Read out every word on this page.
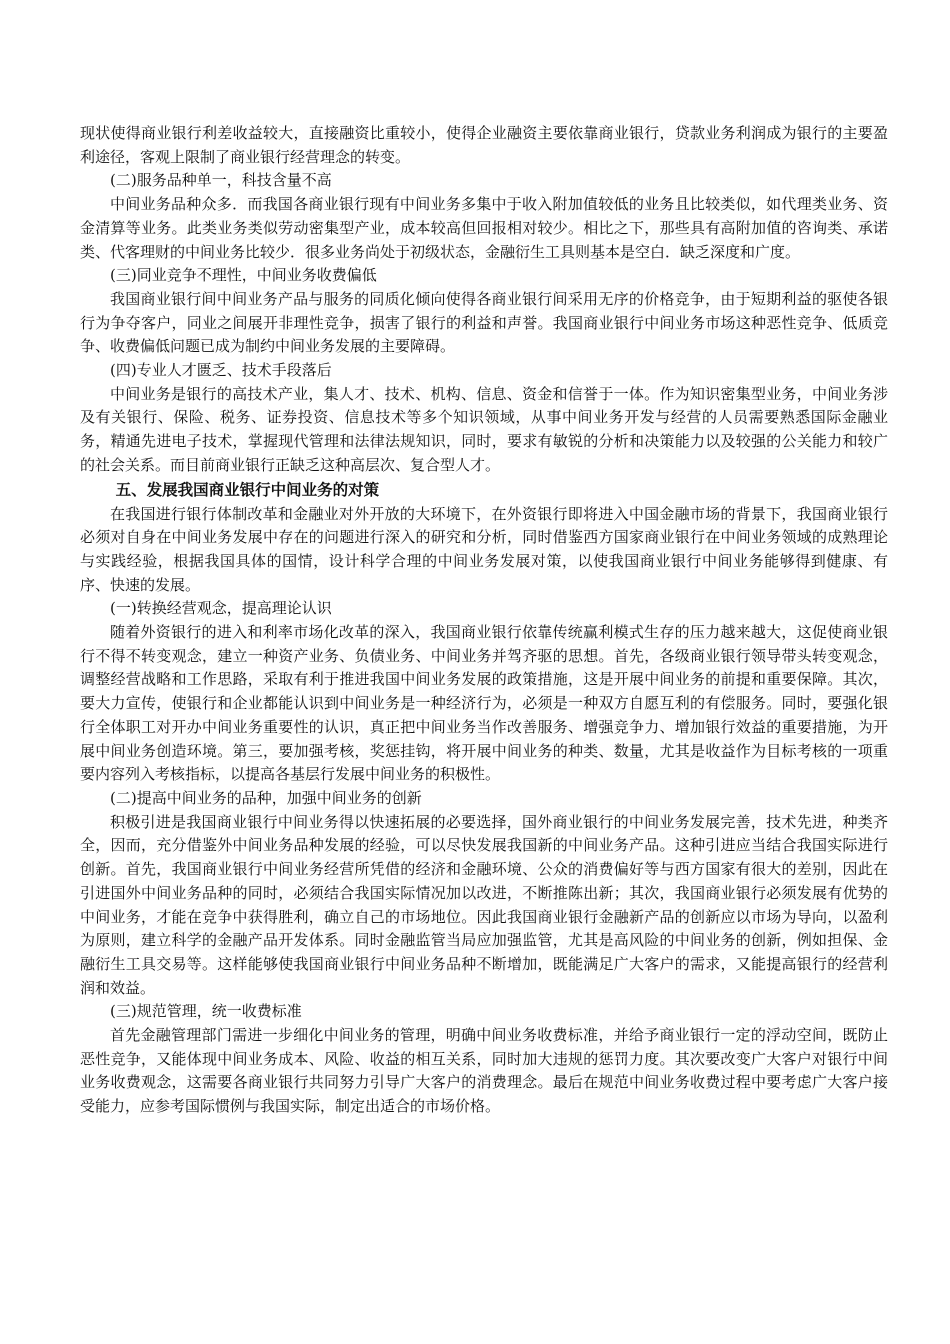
现状使得商业银行利差收益较大，直接融资比重较小，使得企业融资主要依靠商业银行，贷款业务利润成为银行的主要盈利途径，客观上限制了商业银行经营理念的转变。

(二)服务品种单一，科技含量不高

中间业务品种众多．而我国各商业银行现有中间业务多集中于收入附加值较低的业务且比较类似，如代理类业务、资金清算等业务。此类业务类似劳动密集型产业，成本较高但回报相对较少。相比之下，那些具有高附加值的咨询类、承诺类、代客理财的中间业务比较少．很多业务尚处于初级状态，金融衍生工具则基本是空白．缺乏深度和广度。

(三)同业竞争不理性，中间业务收费偏低

我国商业银行间中间业务产品与服务的同质化倾向使得各商业银行间采用无序的价格竞争，由于短期利益的驱使各银行为争夺客户，同业之间展开非理性竞争，损害了银行的利益和声誉。我国商业银行中间业务市场这种恶性竞争、低质竞争、收费偏低问题已成为制约中间业务发展的主要障碍。

(四)专业人才匮乏、技术手段落后

中间业务是银行的高技术产业，集人才、技术、机构、信息、资金和信誉于一体。作为知识密集型业务，中间业务涉及有关银行、保险、税务、证券投资、信息技术等多个知识领域，从事中间业务开发与经营的人员需要熟悉国际金融业务，精通先进电子技术，掌握现代管理和法律法规知识，同时，要求有敏锐的分析和决策能力以及较强的公关能力和较广的社会关系。而目前商业银行正缺乏这种高层次、复合型人才。

五、发展我国商业银行中间业务的对策

在我国进行银行体制改革和金融业对外开放的大环境下，在外资银行即将进入中国金融市场的背景下，我国商业银行必须对自身在中间业务发展中存在的问题进行深入的研究和分析，同时借鉴西方国家商业银行在中间业务领域的成熟理论与实践经验，根据我国具体的国情，设计科学合理的中间业务发展对策，以使我国商业银行中间业务能够得到健康、有序、快速的发展。

(一)转换经营观念，提高理论认识

随着外资银行的进入和利率市场化改革的深入，我国商业银行依靠传统赢利模式生存的压力越来越大，这促使商业银行不得不转变观念，建立一种资产业务、负债业务、中间业务并驾齐驱的思想。首先，各级商业银行领导带头转变观念，调整经营战略和工作思路，采取有利于推进我国中间业务发展的政策措施，这是开展中间业务的前提和重要保障。其次，要大力宣传，使银行和企业都能认识到中间业务是一种经济行为，必须是一种双方自愿互利的有偿服务。同时，要强化银行全体职工对开办中间业务重要性的认识，真正把中间业务当作改善服务、增强竞争力、增加银行效益的重要措施，为开展中间业务创造环境。第三，要加强考核，奖惩挂钩，将开展中间业务的种类、数量，尤其是收益作为目标考核的一项重要内容列入考核指标，以提高各基层行发展中间业务的积极性。

(二)提高中间业务的品种，加强中间业务的创新

积极引进是我国商业银行中间业务得以快速拓展的必要选择，国外商业银行的中间业务发展完善，技术先进，种类齐全，因而，充分借鉴外中间业务品种发展的经验，可以尽快发展我国新的中间业务产品。这种引进应当结合我国实际进行创新。首先，我国商业银行中间业务经营所凭借的经济和金融环境、公众的消费偏好等与西方国家有很大的差别，因此在引进国外中间业务品种的同时，必须结合我国实际情况加以改进，不断推陈出新；其次，我国商业银行必须发展有优势的中间业务，才能在竞争中获得胜利，确立自己的市场地位。因此我国商业银行金融新产品的创新应以市场为导向，以盈利为原则，建立科学的金融产品开发体系。同时金融监管当局应加强监管，尤其是高风险的中间业务的创新，例如担保、金融衍生工具交易等。这样能够使我国商业银行中间业务品种不断增加，既能满足广大客户的需求，又能提高银行的经营利润和效益。

(三)规范管理，统一收费标准

首先金融管理部门需进一步细化中间业务的管理，明确中间业务收费标准，并给予商业银行一定的浮动空间，既防止恶性竞争，又能体现中间业务成本、风险、收益的相互关系，同时加大违规的惩罚力度。其次要改变广大客户对银行中间业务收费观念，这需要各商业银行共同努力引导广大客户的消费理念。最后在规范中间业务收费过程中要考虑广大客户接受能力，应参考国际惯例与我国实际，制定出适合的市场价格。
